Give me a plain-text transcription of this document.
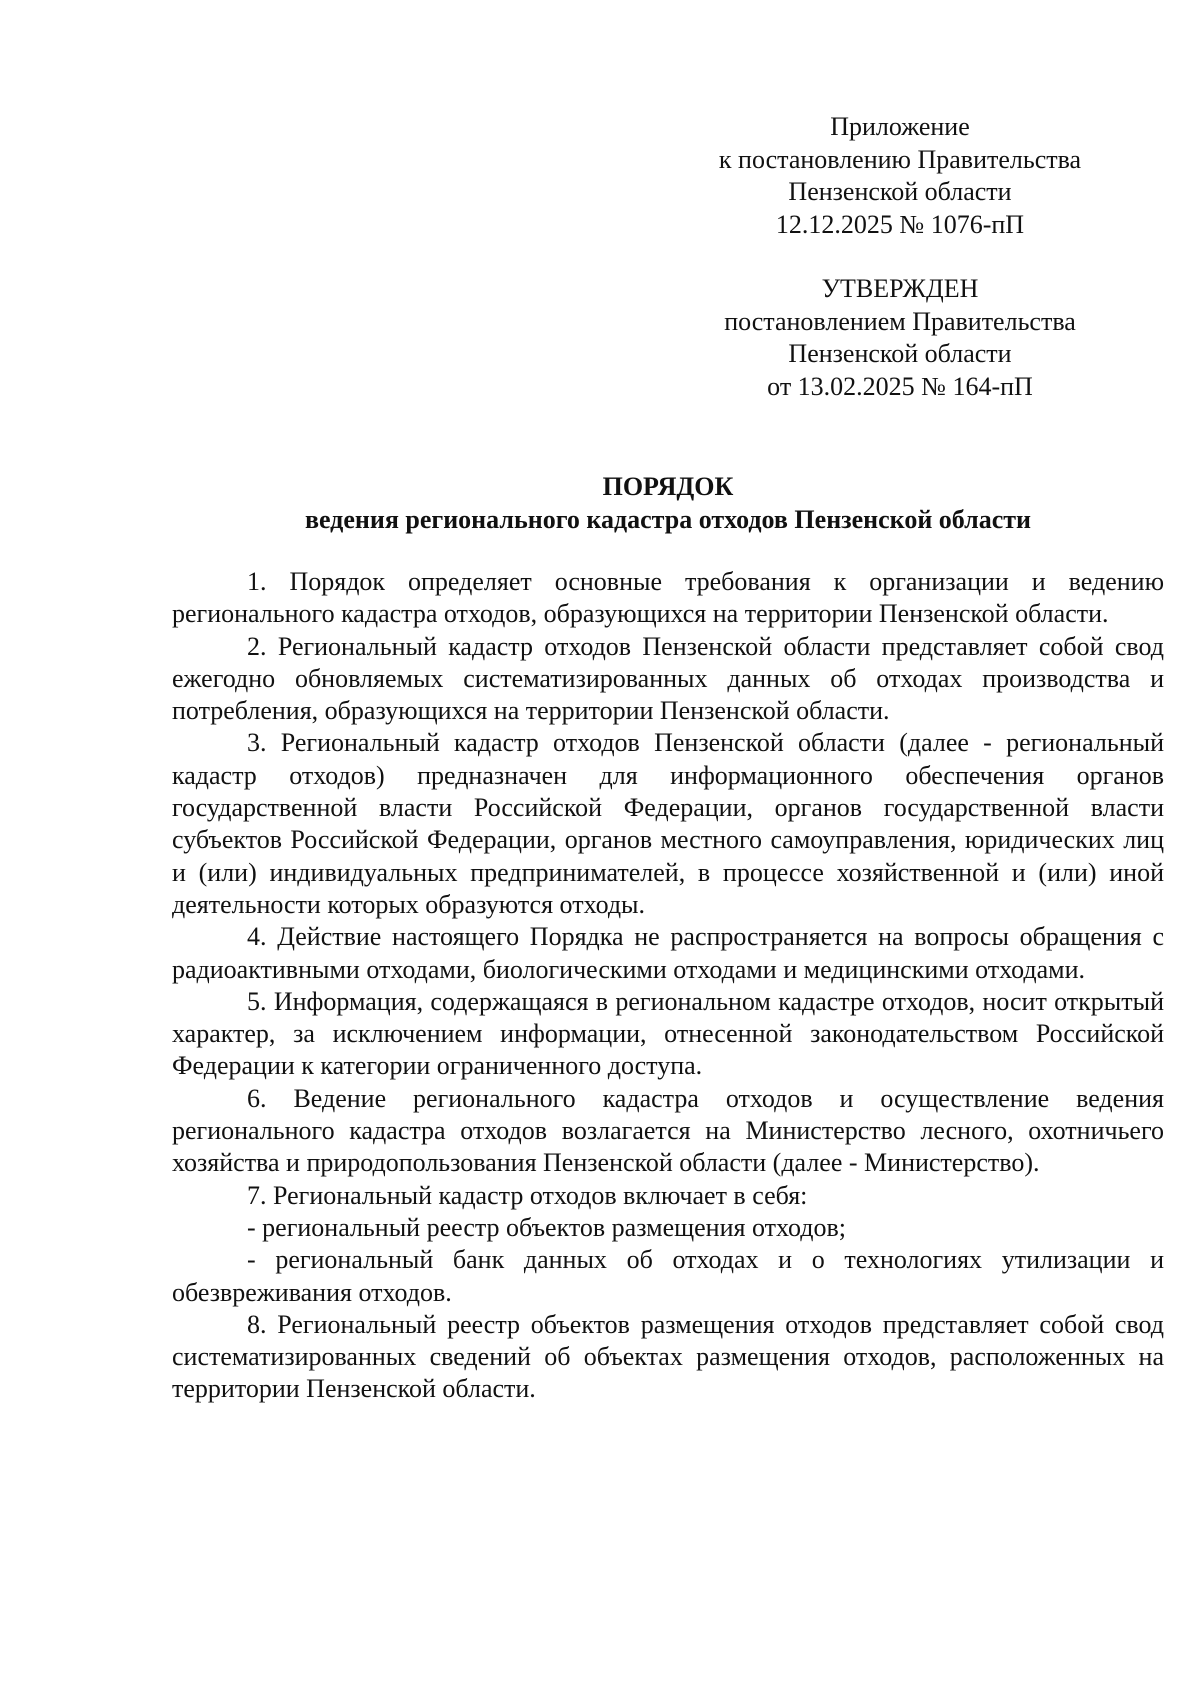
Приложение
к постановлению Правительства
Пензенской области
12.12.2025 № 1076-пП
УТВЕРЖДЕН
постановлением Правительства
Пензенской области
от 13.02.2025 № 164-пП
ПОРЯДОК
ведения регионального кадастра отходов Пензенской области

1. Порядок определяет основные требования к организации и ведению регионального кадастра отходов, образующихся на территории Пензенской области.

2. Региональный кадастр отходов Пензенской области представляет собой свод ежегодно обновляемых систематизированных данных об отходах производства и потребления, образующихся на территории Пензенской области.

3. Региональный кадастр отходов Пензенской области (далее - региональный кадастр отходов) предназначен для информационного обеспечения органов государственной власти Российской Федерации, органов государственной власти субъектов Российской Федерации, органов местного самоуправления, юридических лиц и (или) индивидуальных предпринимателей, в процессе хозяйственной и (или) иной деятельности которых образуются отходы.

4. Действие настоящего Порядка не распространяется на вопросы обращения с радиоактивными отходами, биологическими отходами и медицинскими отходами.

5. Информация, содержащаяся в региональном кадастре отходов, носит открытый характер, за исключением информации, отнесенной законодательством Российской Федерации к категории ограниченного доступа.

6. Ведение регионального кадастра отходов и осуществление ведения регионального кадастра отходов возлагается на Министерство лесного, охотничьего хозяйства и природопользования Пензенской области (далее - Министерство).

7. Региональный кадастр отходов включает в себя:

- региональный реестр объектов размещения отходов;

- региональный банк данных об отходах и о технологиях утилизации и обезвреживания отходов.

8. Региональный реестр объектов размещения отходов представляет собой свод систематизированных сведений об объектах размещения отходов, расположенных на территории Пензенской области.
